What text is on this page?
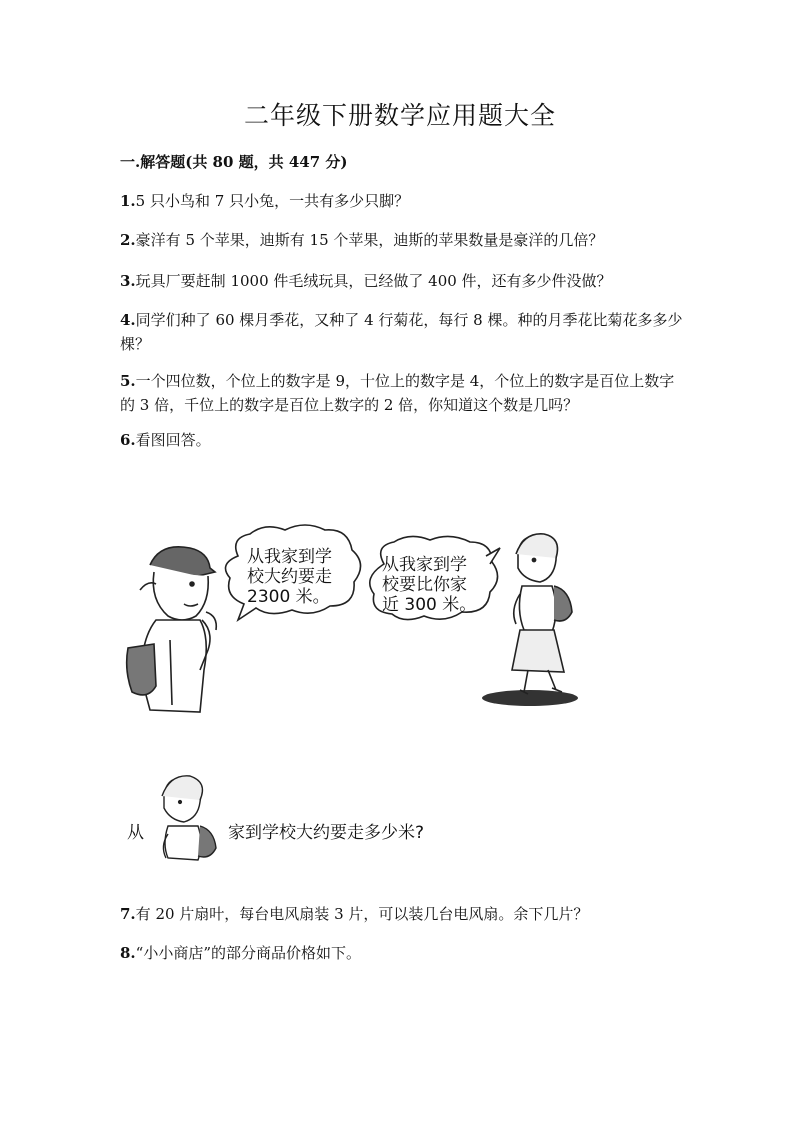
二年级下册数学应用题大全
一.解答题(共 80 题，共 447 分)
1.5 只小鸟和 7 只小兔，一共有多少只脚？
2.豪洋有 5 个苹果，迪斯有 15 个苹果，迪斯的苹果数量是豪洋的几倍？
3.玩具厂要赶制 1000 件毛绒玩具，已经做了 400 件，还有多少件没做？
4.同学们种了 60 棵月季花，又种了 4 行菊花，每行 8 棵。种的月季花比菊花多多少棵？
5.一个四位数，个位上的数字是 9，十位上的数字是 4，个位上的数字是百位上数字的 3 倍，千位上的数字是百位上数字的 2 倍，你知道这个数是几吗？
6.看图回答。
从我家到学
校大约要走
2300 米。
从我家到学
校要比你家
近 300 米。
从	家到学校大约要走多少米?
7.有 20 片扇叶，每台电风扇装 3 片，可以装几台电风扇。余下几片？
8.“小小商店”的部分商品价格如下。
